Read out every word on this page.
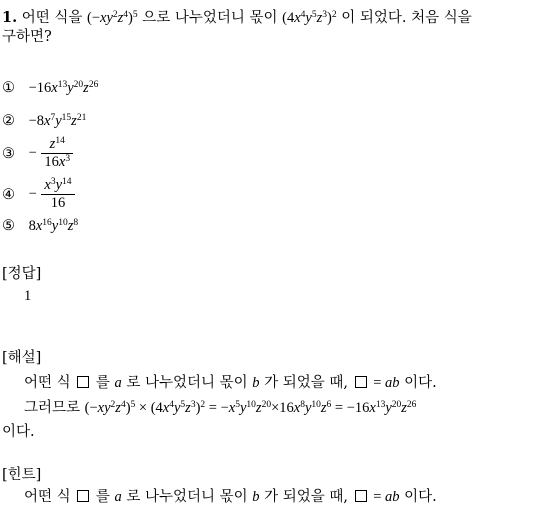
1. 어떤 식을 $(-xy^2z^4)^5$ 으로 나누었더니 몫이 $(4x^4y^5z^3)^2$ 이 되었다. 처음 식을
구하면?
① $-16x^{13}y^{20}z^{26}$
② $-8x^7y^{15}z^{21}$
③ − $\frac{z^{14}}{16x^3}$
④ − $\frac{x^3y^{14}}{16}$
⑤ $8x^{16}y^{10}z^8$
[정답]
1
[해설]
어떤 식 를 a 로 나누었더니 몫이 b 가 되었을 때, = ab 이다.
그러므로 $(-xy^2z^4)^5 \times (4x^4y^5z^3)^2 = -x^5y^{10}z^{20}\times 16x^8y^{10}z^6 = -16x^{13}y^{20}z^{26}$
이다.
[힌트]
어떤 식 를 a 로 나누었더니 몫이 b 가 되었을 때, = ab 이다.
